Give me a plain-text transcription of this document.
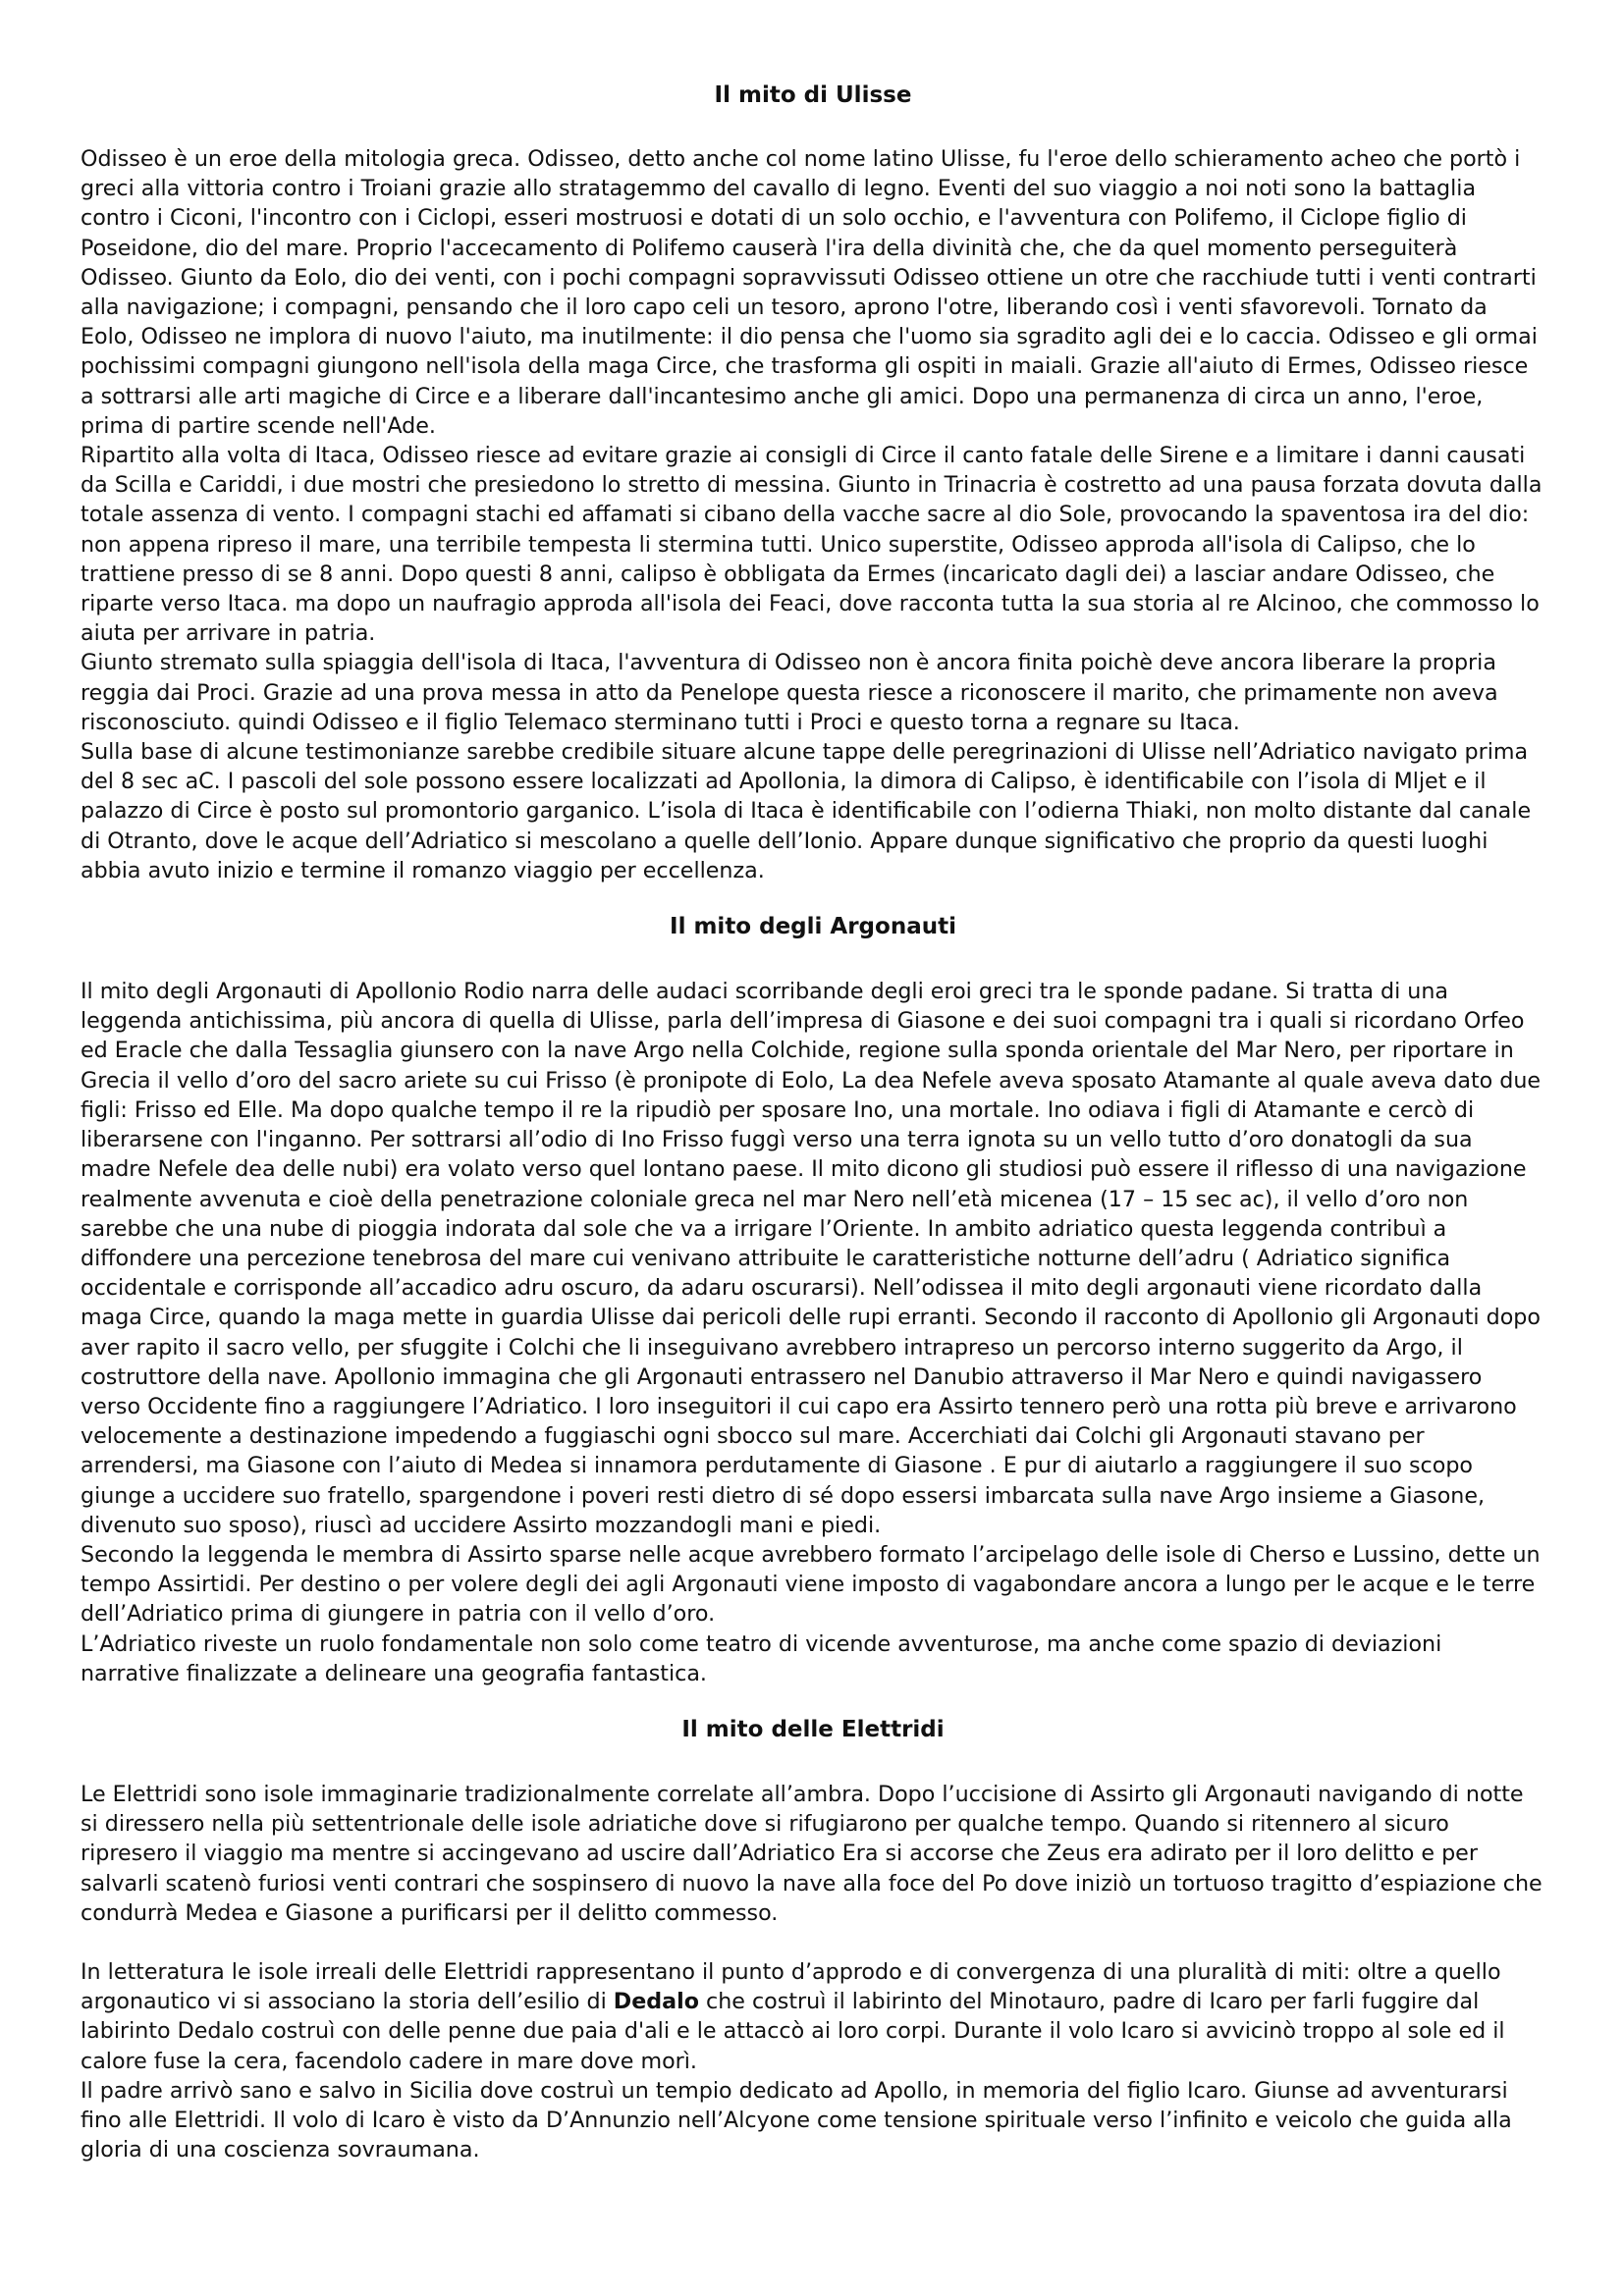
Il mito di Ulisse

Odisseo è un eroe della mitologia greca. Odisseo, detto anche col nome latino Ulisse, fu l'eroe dello schieramento acheo che portò i greci alla vittoria contro i Troiani grazie allo stratagemmo del cavallo di legno. Eventi del suo viaggio a noi noti sono la battaglia contro i Ciconi, l'incontro con i Ciclopi, esseri mostruosi e dotati di un solo occhio, e l'avventura con Polifemo, il Ciclope figlio di Poseidone, dio del mare. Proprio l'accecamento di Polifemo causerà l'ira della divinità che, che da quel momento perseguiterà Odisseo. Giunto da Eolo, dio dei venti, con i pochi compagni sopravvissuti Odisseo ottiene un otre che racchiude tutti i venti contrarti alla navigazione; i compagni, pensando che il loro capo celi un tesoro, aprono l'otre, liberando così i venti sfavorevoli. Tornato da Eolo, Odisseo ne implora di nuovo l'aiuto, ma inutilmente: il dio pensa che l'uomo sia sgradito agli dei e lo caccia. Odisseo e gli ormai pochissimi compagni giungono nell'isola della maga Circe, che trasforma gli ospiti in maiali. Grazie all'aiuto di Ermes, Odisseo riesce a sottrarsi alle arti magiche di Circe e a liberare dall'incantesimo anche gli amici. Dopo una permanenza di circa un anno, l'eroe, prima di partire scende nell'Ade.

Ripartito alla volta di Itaca, Odisseo riesce ad evitare grazie ai consigli di Circe il canto fatale delle Sirene e a limitare i danni causati da Scilla e Cariddi, i due mostri che presiedono lo stretto di messina. Giunto in Trinacria è costretto ad una pausa forzata dovuta dalla totale assenza di vento. I compagni stachi ed affamati si cibano della vacche sacre al dio Sole, provocando la spaventosa ira del dio: non appena ripreso il mare, una terribile tempesta li stermina tutti. Unico superstite, Odisseo approda all'isola di Calipso, che lo trattiene presso di se 8 anni. Dopo questi 8 anni, calipso è obbligata da Ermes (incaricato dagli dei) a lasciar andare Odisseo, che riparte verso Itaca. ma dopo un naufragio approda all'isola dei Feaci, dove racconta tutta la sua storia al re Alcinoo, che commosso lo aiuta per arrivare in patria.

Giunto stremato sulla spiaggia dell'isola di Itaca, l'avventura di Odisseo non è ancora finita poichè deve ancora liberare la propria reggia dai Proci. Grazie ad una prova messa in atto da Penelope questa riesce a riconoscere il marito, che primamente non aveva risconosciuto. quindi Odisseo e il figlio Telemaco sterminano tutti i Proci e questo torna a regnare su Itaca.

Sulla base di alcune testimonianze sarebbe credibile situare alcune tappe delle peregrinazioni di Ulisse nell’Adriatico navigato prima del 8 sec aC. I pascoli del sole possono essere localizzati ad Apollonia, la dimora di Calipso, è identificabile con l’isola di Mljet e il palazzo di Circe è posto sul promontorio garganico. L’isola di Itaca è identificabile con l’odierna Thiaki, non molto distante dal canale di Otranto, dove le acque dell’Adriatico si mescolano a quelle dell’Ionio. Appare dunque significativo che proprio da questi luoghi abbia avuto inizio e termine il romanzo viaggio per eccellenza.

Il mito degli Argonauti

Il mito degli Argonauti di Apollonio Rodio narra delle audaci scorribande degli eroi greci tra le sponde padane. Si tratta di una leggenda antichissima, più ancora di quella di Ulisse, parla dell’impresa di Giasone e dei suoi compagni tra i quali si ricordano Orfeo ed Eracle che dalla Tessaglia giunsero con la nave Argo nella Colchide, regione sulla sponda orientale del Mar Nero, per riportare in Grecia il vello d’oro del sacro ariete su cui Frisso (è pronipote di Eolo, La dea Nefele aveva sposato Atamante al quale aveva dato due figli: Frisso ed Elle. Ma dopo qualche tempo il re la ripudiò per sposare Ino, una mortale. Ino odiava i figli di Atamante e cercò di liberarsene con l'inganno. Per sottrarsi all’odio di Ino Frisso fuggì verso una terra ignota su un vello tutto d’oro donatogli da sua madre Nefele dea delle nubi) era volato verso quel lontano paese. Il mito dicono gli studiosi può essere il riflesso di una navigazione realmente avvenuta e cioè della penetrazione coloniale greca nel mar Nero nell’età micenea (17 – 15 sec ac), il vello d’oro non sarebbe che una nube di pioggia indorata dal sole che va a irrigare l’Oriente. In ambito adriatico questa leggenda contribuì a diffondere una percezione tenebrosa del mare cui venivano attribuite le caratteristiche notturne dell’adru ( Adriatico significa occidentale e corrisponde all’accadico adru oscuro, da adaru oscurarsi). Nell’odissea il mito degli argonauti viene ricordato dalla maga Circe, quando la maga mette in guardia Ulisse dai pericoli delle rupi erranti. Secondo il racconto di Apollonio gli Argonauti dopo aver rapito il sacro vello, per sfuggite i Colchi che li inseguivano avrebbero intrapreso un percorso interno suggerito da Argo, il costruttore della nave. Apollonio immagina che gli Argonauti entrassero nel Danubio attraverso il Mar Nero e quindi navigassero verso Occidente fino a raggiungere l’Adriatico. I loro inseguitori il cui capo era Assirto tennero però una rotta più breve e arrivarono velocemente a destinazione impedendo a fuggiaschi ogni sbocco sul mare. Accerchiati dai Colchi gli Argonauti stavano per arrendersi, ma Giasone con l’aiuto di Medea si innamora perdutamente di Giasone . E pur di aiutarlo a raggiungere il suo scopo giunge a uccidere suo fratello, spargendone i poveri resti dietro di sé dopo essersi imbarcata sulla nave Argo insieme a Giasone, divenuto suo sposo), riuscì ad uccidere Assirto mozzandogli mani e piedi.

Secondo la leggenda le membra di Assirto sparse nelle acque avrebbero formato l’arcipelago delle isole di Cherso e Lussino, dette un tempo Assirtidi. Per destino o per volere degli dei agli Argonauti viene imposto di vagabondare ancora a lungo per le acque e le terre dell’Adriatico prima di giungere in patria con il vello d’oro.

L’Adriatico riveste un ruolo fondamentale non solo come teatro di vicende avventurose, ma anche come spazio di deviazioni narrative finalizzate a delineare una geografia fantastica.

Il mito delle Elettridi

Le Elettridi sono isole immaginarie tradizionalmente correlate all’ambra. Dopo l’uccisione di Assirto gli Argonauti navigando di notte si diressero nella più settentrionale delle isole adriatiche dove si rifugiarono per qualche tempo. Quando si ritennero al sicuro ripresero il viaggio ma mentre si accingevano ad uscire dall’Adriatico Era si accorse che Zeus era adirato per il loro delitto e per salvarli scatenò furiosi venti contrari che sospinsero di nuovo la nave alla foce del Po dove iniziò un tortuoso tragitto d’espiazione che condurrà Medea e Giasone a purificarsi per il delitto commesso.

In letteratura le isole irreali delle Elettridi rappresentano il punto d’approdo e di convergenza di una pluralità di miti: oltre a quello argonautico vi si associano la storia dell’esilio di Dedalo che costruì il labirinto del Minotauro, padre di Icaro per farli fuggire dal labirinto Dedalo costruì con delle penne due paia d'ali e le attaccò ai loro corpi. Durante il volo Icaro si avvicinò troppo al sole ed il calore fuse la cera, facendolo cadere in mare dove morì.

Il padre arrivò sano e salvo in Sicilia dove costruì un tempio dedicato ad Apollo, in memoria del figlio Icaro. Giunse ad avventurarsi fino alle Elettridi. Il volo di Icaro è visto da D’Annunzio nell’Alcyone come tensione spirituale verso l’infinito e veicolo che guida alla gloria di una coscienza sovraumana.
